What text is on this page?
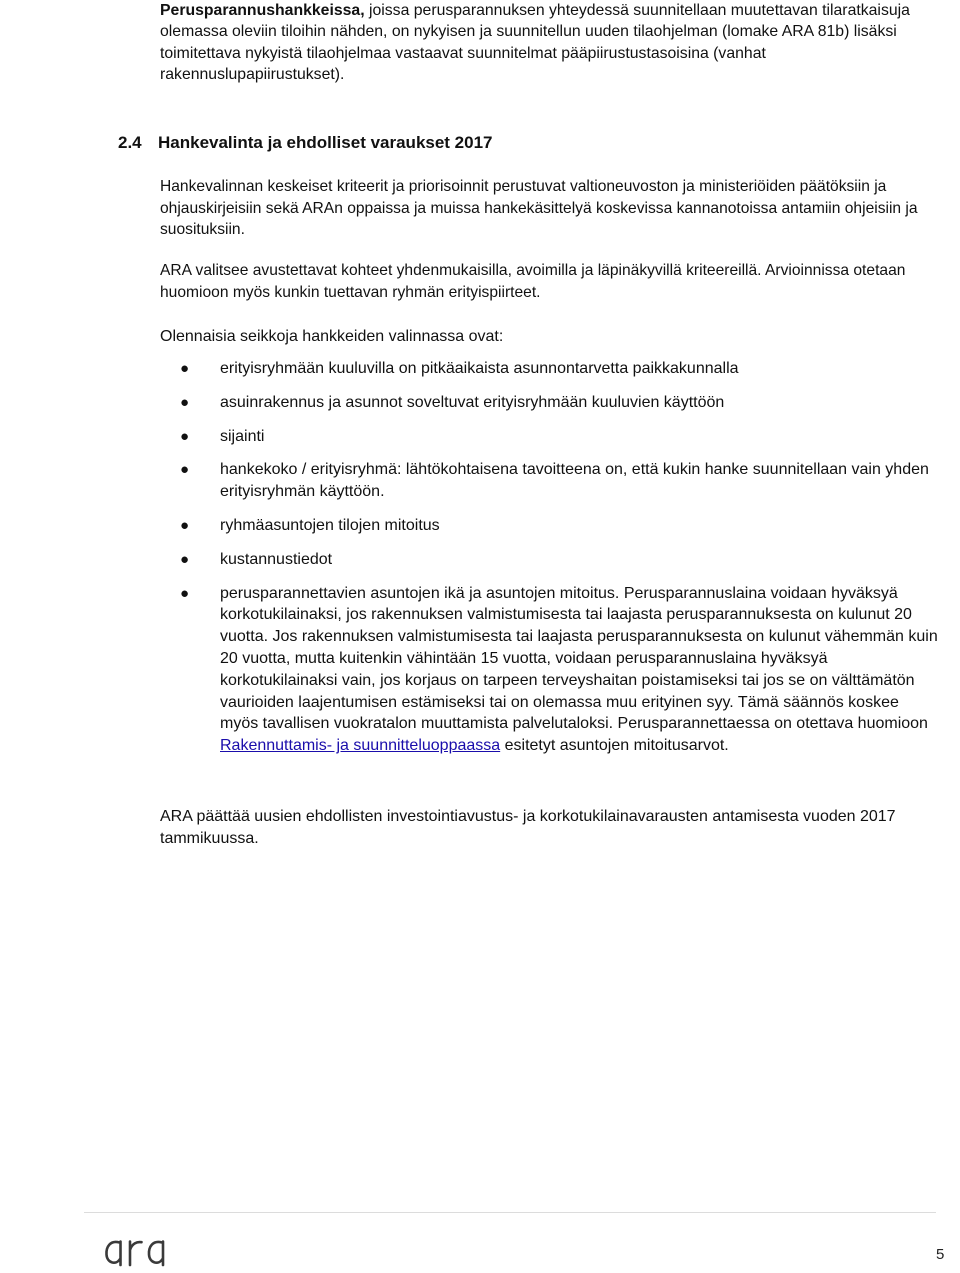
Perusparannushankkeissa, joissa perusparannuksen yhteydessä suunnitellaan muutettavan tilaratkaisuja olemassa oleviin tiloihin nähden, on nykyisen ja suunnitellun uuden tilaohjelman (lomake ARA 81b) lisäksi toimitettava nykyistä tilaohjelmaa vastaavat suunnitelmat pääpiirustustasoisina (vanhat rakennuslupapiirustukset).

2.4 Hankevalinta ja ehdolliset varaukset 2017

Hankevalinnan keskeiset kriteerit ja priorisoinnit perustuvat valtioneuvoston ja ministeriöiden päätöksiin ja ohjauskirjeisiin sekä ARAn oppaissa ja muissa hankekäsittelyä koskevissa kannanotoissa antamiin ohjeisiin ja suosituksiin.

ARA valitsee avustettavat kohteet yhdenmukaisilla, avoimilla ja läpinäkyvillä kriteereillä. Arvioinnissa otetaan huomioon myös kunkin tuettavan ryhmän erityispiirteet.

Olennaisia seikkoja hankkeiden valinnassa ovat:

● erityisryhmään kuuluvilla on pitkäaikaista asunnontarvetta paikkakunnalla
● asuinrakennus ja asunnot soveltuvat erityisryhmään kuuluvien käyttöön
● sijainti
● hankekoko / erityisryhmä: lähtökohtaisena tavoitteena on, että kukin hanke suunnitellaan vain yhden erityisryhmän käyttöön.
● ryhmäasuntojen tilojen mitoitus
● kustannustiedot
● perusparannettavien asuntojen ikä ja asuntojen mitoitus. Perusparannuslaina voidaan hyväksyä korkotukilainaksi, jos rakennuksen valmistumisesta tai laajasta perusparannuksesta on kulunut 20 vuotta. Jos rakennuksen valmistumisesta tai laajasta perusparannuksesta on kulunut vähemmän kuin 20 vuotta, mutta kuitenkin vähintään 15 vuotta, voidaan perusparannuslaina hyväksyä korkotukilainaksi vain, jos korjaus on tarpeen terveyshaitan poistamiseksi tai jos se on välttämätön vaurioiden laajentumisen estämiseksi tai on olemassa muu erityinen syy. Tämä säännös koskee myös tavallisen vuokratalon muuttamista palvelutaloksi. Perusparannettaessa on otettava huomioon Rakennuttamis- ja suunnitteluoppaassa esitetyt asuntojen mitoitusarvot.

ARA päättää uusien ehdollisten investointiavustus- ja korkotukilainavarausten antamisesta vuoden 2017 tammikuussa.

5
